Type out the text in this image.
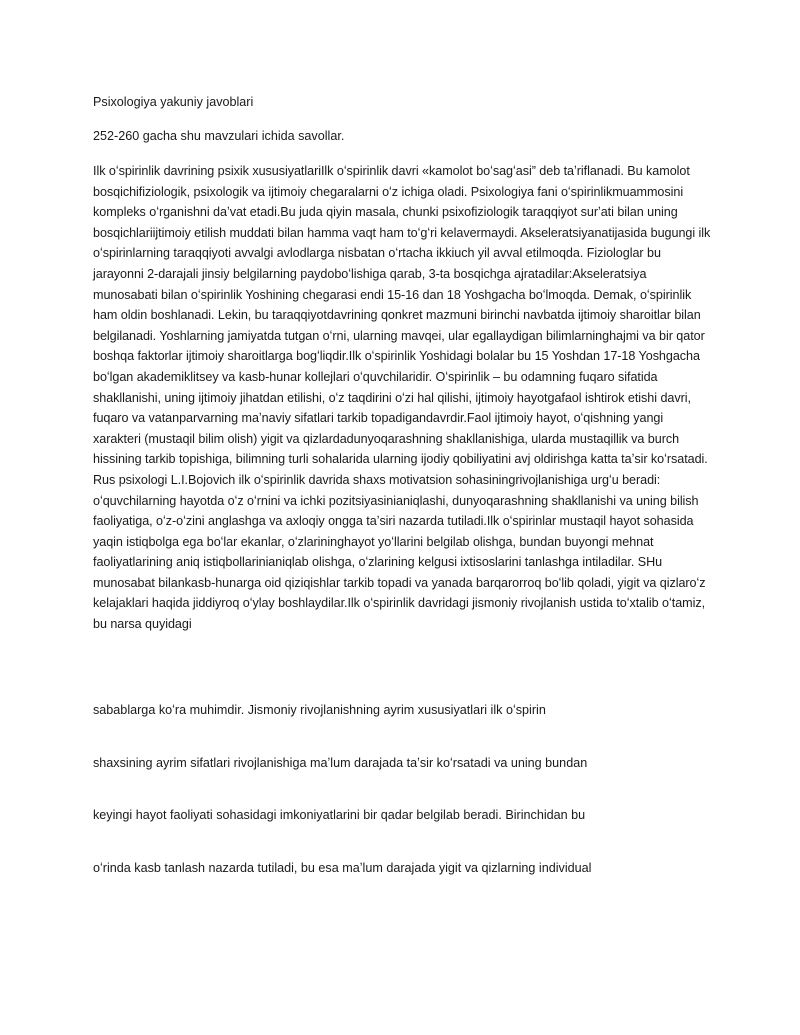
Psixologiya yakuniy javoblari

252-260 gacha shu mavzulari ichida savollar.

Ilk oʻspirinlik davrining psixik xususiyatlariIlk oʻspirinlik davri «kamolot boʻsagʻasi” deb taʼriflanadi. Bu kamolot bosqichifiziologik, psixologik va ijtimoiy chegaralarni oʻz ichiga oladi. Psixologiya fani oʻspirinlikmuammosini kompleks oʻrganishni daʼvat etadi.Bu juda qiyin masala, chunki psixofiziologik taraqqiyot surʼati bilan uning bosqichlariijtimoiy etilish muddati bilan hamma vaqt ham toʻgʻri kelavermaydi. Akseleratsiyanatijasida bugungi ilk oʻspirinlarning taraqqiyoti avvalgi avlodlarga nisbatan oʻrtacha ikkiuch yil avval etilmoqda. Fiziologlar bu jarayonni 2-darajali jinsiy belgilarning paydoboʻlishiga qarab, 3-ta bosqichga ajratadilar:Akseleratsiya munosabati bilan oʻspirinlik Yoshining chegarasi endi 15-16 dan 18 Yoshgacha boʻlmoqda. Demak, oʻspirinlik ham oldin boshlanadi. Lekin, bu taraqqiyotdavrining qonkret mazmuni birinchi navbatda ijtimoiy sharoitlar bilan belgilanadi. Yoshlarning jamiyatda tutgan oʻrni, ularning mavqei, ular egallaydigan bilimlarninghajmi va bir qator boshqa faktorlar ijtimoiy sharoitlarga bogʻliqdir.Ilk oʻspirinlik Yoshidagi bolalar bu 15 Yoshdan 17-18 Yoshgacha boʻlgan akademiklitsey va kasb-hunar kollejlari oʻquvchilaridir. Oʻspirinlik – bu odamning fuqaro sifatida shakllanishi, uning ijtimoiy jihatdan etilishi, oʻz taqdirini oʻzi hal qilishi, ijtimoiy hayotgafaol ishtirok etishi davri, fuqaro va vatanparvarning maʼnaviy sifatlari tarkib topadigandavrdir.Faol ijtimoiy hayot, oʻqishning yangi xarakteri (mustaqil bilim olish) yigit va qizlardadunyoqarashning shakllanishiga, ularda mustaqillik va burch hissining tarkib topishiga, bilimning turli sohalarida ularning ijodiy qobiliyatini avj oldirishga katta taʼsir koʻrsatadi. Rus psixologi L.I.Bojovich ilk oʻspirinlik davrida shaxs motivatsion sohasiningrivojlanishiga urgʻu beradi: oʻquvchilarning hayotda oʻz oʻrnini va ichki pozitsiyasinianiqlashi, dunyoqarashning shakllanishi va uning bilish faoliyatiga, oʻz-oʻzini anglashga va axloqiy ongga taʼsiri nazarda tutiladi.Ilk oʻspirinlar mustaqil hayot sohasida yaqin istiqbolga ega boʻlar ekanlar, oʻzlarininghayot yoʻllarini belgilab olishga, bundan buyongi mehnat faoliyatlarining aniq istiqbollarinianiqlab olishga, oʻzlarining kelgusi ixtisoslarini tanlashga intiladilar. SHu munosabat bilankasb-hunarga oid qiziqishlar tarkib topadi va yanada barqarorroq boʻlib qoladi, yigit va qizlaroʻz kelajaklari haqida jiddiyroq oʻylay boshlaydilar.Ilk oʻspirinlik davridagi jismoniy rivojlanish ustida toʻxtalib oʻtamiz, bu narsa quyidagi

sabablarga koʻra muhimdir. Jismoniy rivojlanishning ayrim xususiyatlari ilk oʻspirin

shaxsining ayrim sifatlari rivojlanishiga maʼlum darajada taʼsir koʻrsatadi va uning bundan

keyingi hayot faoliyati sohasidagi imkoniyatlarini bir qadar belgilab beradi. Birinchidan bu

oʻrinda kasb tanlash nazarda tutiladi, bu esa maʼlum darajada yigit va qizlarning individual
